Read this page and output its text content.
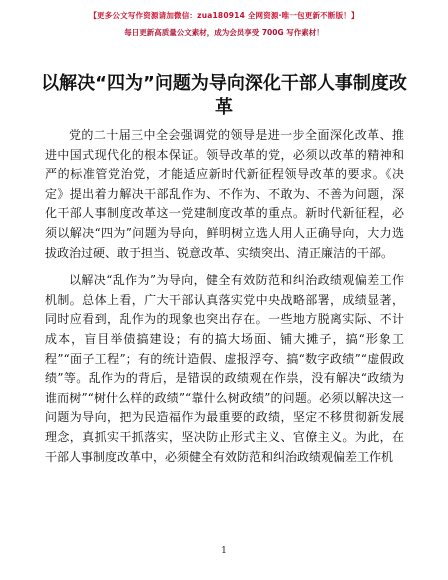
【更多公文写作资源请加微信：zua180914 全网资源·唯一包更新不断版！】
每日更新高质量公文素材，成为会员享受 700G 写作素材！
以解决“四为”问题为导向深化干部人事制度改革

党的二十届三中全会强调党的领导是进一步全面深化改革、推进中国式现代化的根本保证。领导改革的党，必须以改革的精神和严的标准管党治党，才能适应新时代新征程领导改革的要求。《决定》提出着力解决干部乱作为、不作为、不敢为、不善为问题，深化干部人事制度改革这一党建制度改革的重点。新时代新征程，必须以解决“四为”问题为导向，鲜明树立选人用人正确导向，大力选拔政治过硬、敢于担当、锐意改革、实绩突出、清正廉洁的干部。

以解决“乱作为”为导向，健全有效防范和纠治政绩观偏差工作机制。总体上看，广大干部认真落实党中央战略部署，成绩显著，同时应看到，乱作为的现象也突出存在。一些地方脱离实际、不计成本，盲目举债搞建设；有的搞大场面、铺大摊子，搞“形象工程”“面子工程”；有的统计造假、虚报浮夸、搞“数字政绩”“虚假政绩”等。乱作为的背后，是错误的政绩观在作祟，没有解决“政绩为谁而树”“树什么样的政绩”“靠什么树政绩”的问题。必须以解决这一问题为导向，把为民造福作为最重要的政绩，坚定不移贯彻新发展理念，真抓实干抓落实，坚决防止形式主义、官僚主义。为此，在干部人事制度改革中，必须健全有效防范和纠治政绩观偏差工作机

1
